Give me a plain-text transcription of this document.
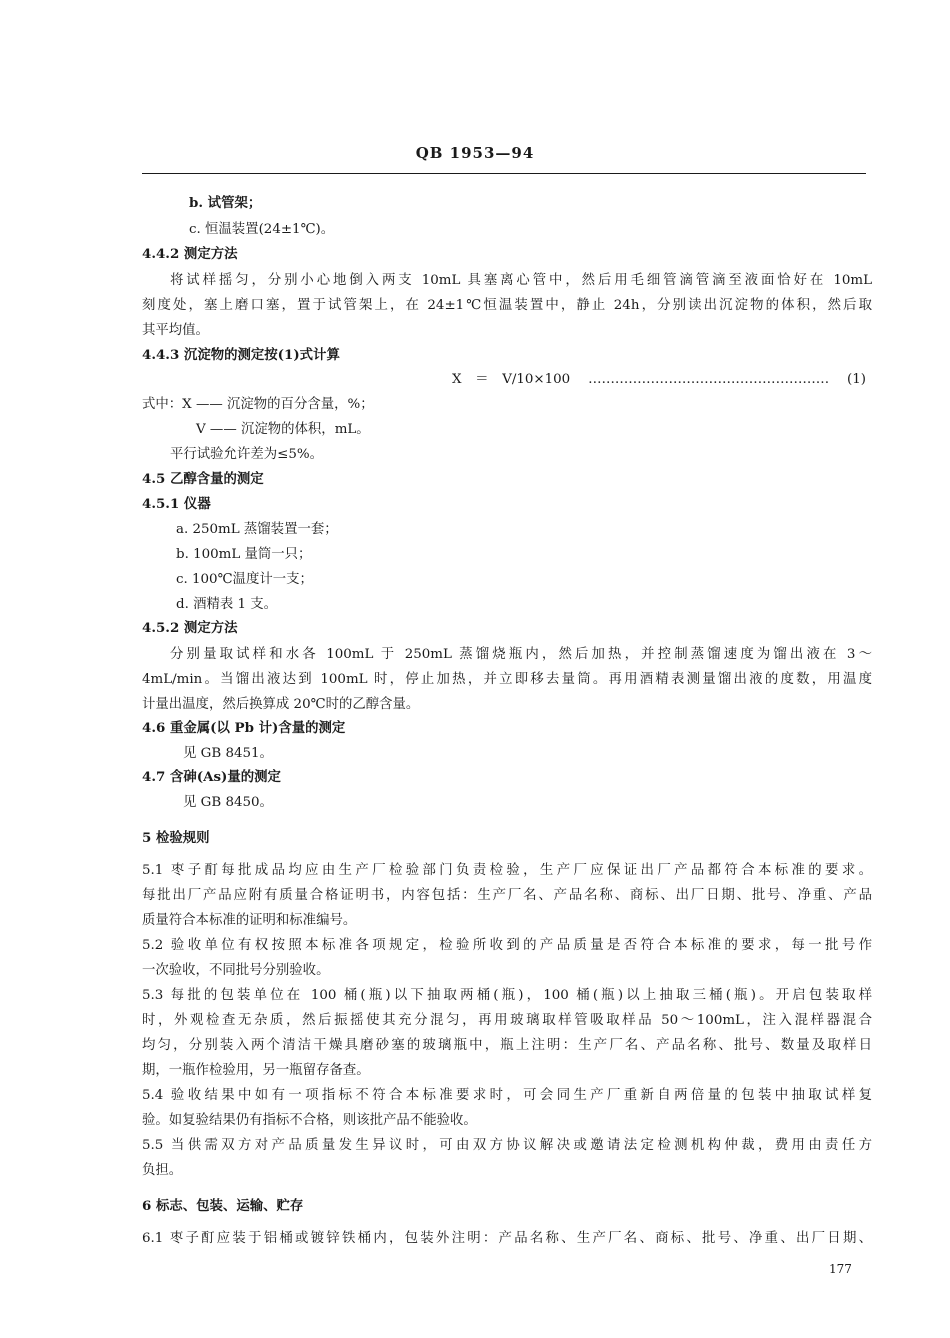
QB 1953—94
b. 试管架；
c. 恒温装置(24±1℃)。
4.4.2 测定方法
将试样摇匀，分别小心地倒入两支 10mL 具塞离心管中，然后用毛细管滴管滴至液面恰好在 10mL
刻度处，塞上磨口塞，置于试管架上，在 24±1℃恒温装置中，静止 24h，分别读出沉淀物的体积，然后取
其平均值。
4.4.3 沉淀物的测定按(1)式计算
X＝V/10×100 ……………………………………………… (1)
式中：X —— 沉淀物的百分含量，%；
V —— 沉淀物的体积，mL。
平行试验允许差为≤5%。
4.5 乙醇含量的测定
4.5.1 仪器
a. 250mL 蒸馏装置一套；
b. 100mL 量筒一只；
c. 100℃温度计一支；
d. 酒精表 1 支。
4.5.2 测定方法
分别量取试样和水各 100mL 于 250mL 蒸馏烧瓶内，然后加热，并控制蒸馏速度为馏出液在 3～
4mL/min。当馏出液达到 100mL 时，停止加热，并立即移去量筒。再用酒精表测量馏出液的度数，用温度
计量出温度，然后换算成 20℃时的乙醇含量。
4.6 重金属(以 Pb 计)含量的测定
见 GB 8451。
4.7 含砷(As)量的测定
见 GB 8450。
5 检验规则
5.1 枣子酊每批成品均应由生产厂检验部门负责检验，生产厂应保证出厂产品都符合本标准的要求。
每批出厂产品应附有质量合格证明书，内容包括：生产厂名、产品名称、商标、出厂日期、批号、净重、产品
质量符合本标准的证明和标准编号。
5.2 验收单位有权按照本标准各项规定，检验所收到的产品质量是否符合本标准的要求，每一批号作
一次验收，不同批号分别验收。
5.3 每批的包装单位在 100 桶(瓶)以下抽取两桶(瓶)，100 桶(瓶)以上抽取三桶(瓶)。开启包装取样
时，外观检查无杂质，然后振摇使其充分混匀，再用玻璃取样管吸取样品 50～100mL，注入混样器混合
均匀，分别装入两个清洁干燥具磨砂塞的玻璃瓶中，瓶上注明：生产厂名、产品名称、批号、数量及取样日
期，一瓶作检验用，另一瓶留存备查。
5.4 验收结果中如有一项指标不符合本标准要求时，可会同生产厂重新自两倍量的包装中抽取试样复
验。如复验结果仍有指标不合格，则该批产品不能验收。
5.5 当供需双方对产品质量发生异议时，可由双方协议解决或邀请法定检测机构仲裁，费用由责任方
负担。
6 标志、包装、运输、贮存
6.1 枣子酊应装于铝桶或镀锌铁桶内，包装外注明：产品名称、生产厂名、商标、批号、净重、出厂日期、
177
